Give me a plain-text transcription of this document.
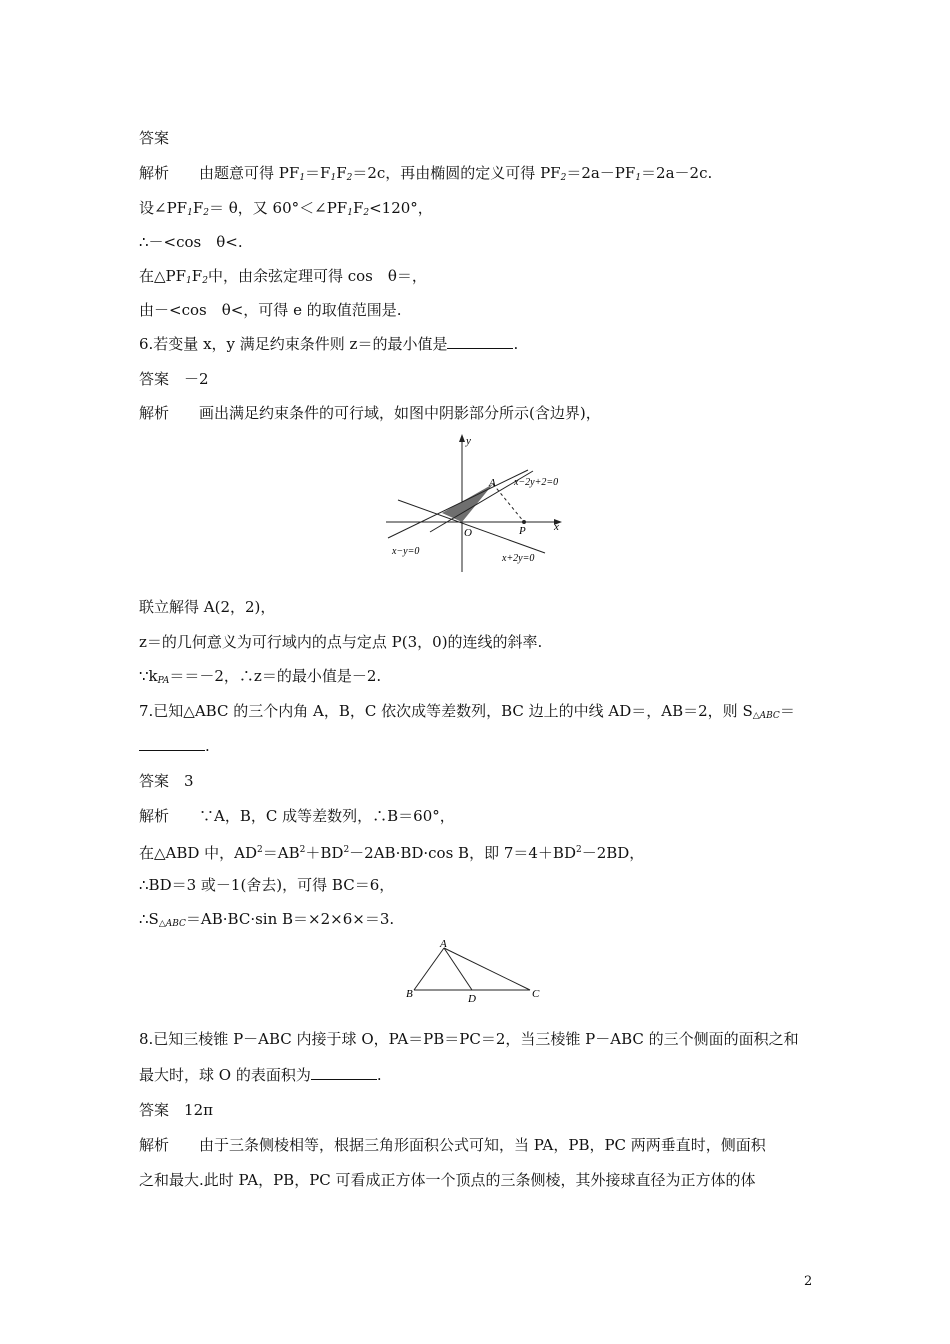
答案
解析　　 由题意可得 $PF_1=F_1F_2=2c$，再由椭圆的定义可得 $PF_2=2a-PF_1=2a-2c$.
设$\angle PF_1F_2= \theta$，又 $60^\circ<\angle PF_1F_2<120^\circ$，
∴－<cos　θ<.
在$\triangle PF_1F_2$中，由余弦定理可得 cos　θ＝，
由－<cos　θ<，可得 e 的取值范围是.
6.若变量 x，y 满足约束条件则 z＝的最小值是	.
答案　 －2
解析　　 画出满足约束条件的可行域，如图中阴影部分所示(含边界)，
y
x
O
A
P
x−2y+2=0
x−y=0
x+2y=0
联立解得 A(2，2)，
z＝的几何意义为可行域内的点与定点 P(3，0)的连线的斜率.
$\because k_{PA}==-2$，∴z＝的最小值是－2.
7.已知△ABC 的三个内角 A，B，C 依次成等差数列，BC 边上的中线 AD＝，AB＝2，则 $S_{\triangle ABC}=$
.
答案　 3
解析　　 ∵A，B，C 成等差数列，∴B＝60°，
在△ABD 中，$AD^2=AB^2+BD^2-2AB\cdot BD\cdot\cos$ B，即 $7=4+BD^2-2BD$，
∴BD＝3 或－1(舍去)，可得 BC＝6，
$\therefore S_{\triangle ABC}=AB\cdot BC\cdot\sin$ B＝×2×6×＝3.
A
B	C
D
8.已知三棱锥 P－ABC 内接于球 O，PA＝PB＝PC＝2，当三棱锥 P－ABC 的三个侧面的面积之和
最大时，球 O 的表面积为	.
答案　 12π
解析　　 由于三条侧棱相等，根据三角形面积公式可知，当 PA，PB，PC 两两垂直时，侧面积
之和最大.此时 PA，PB，PC 可看成正方体一个顶点的三条侧棱，其外接球直径为正方体的体
2
